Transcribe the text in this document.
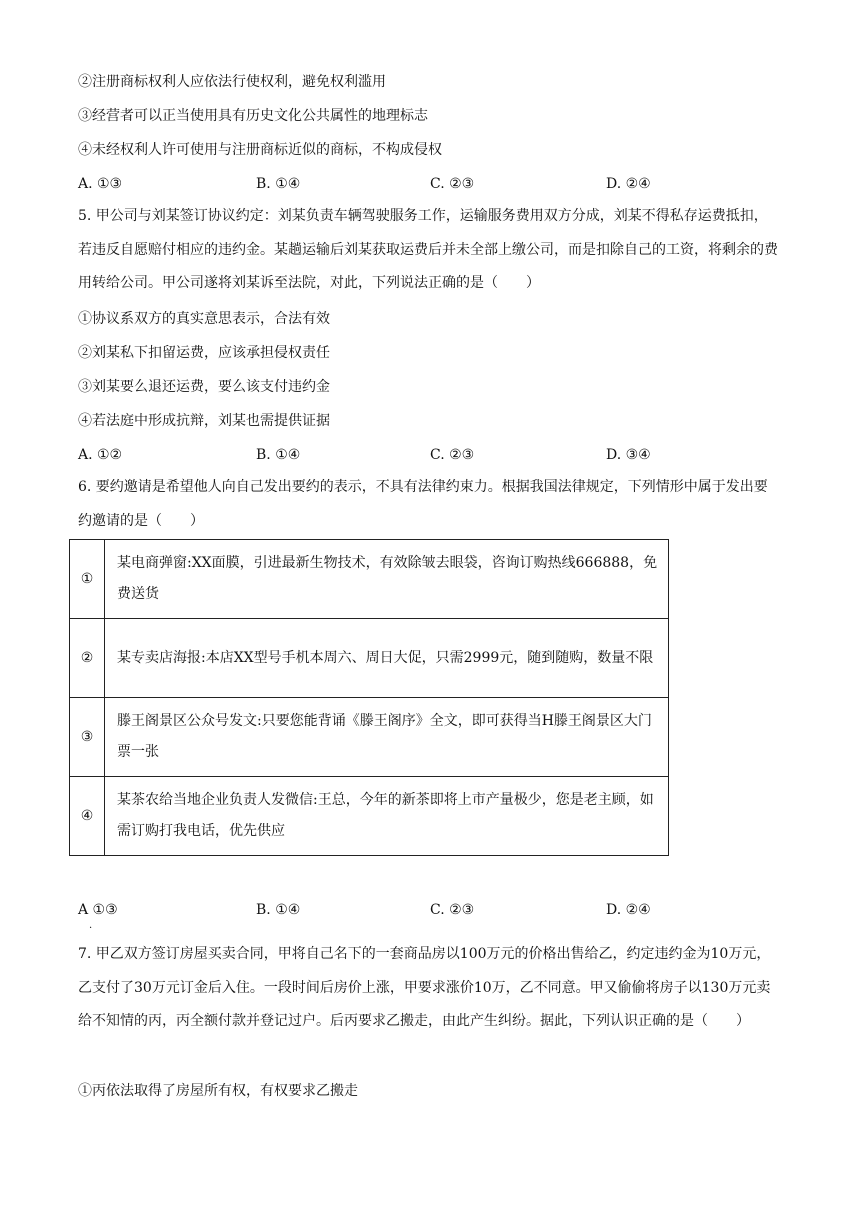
②注册商标权利人应依法行使权利，避免权利滥用
③经营者可以正当使用具有历史文化公共属性的地理标志
④未经权利人许可使用与注册商标近似的商标，不构成侵权
A. ①③	B. ①④	C. ②③	D. ②④
5. 甲公司与刘某签订协议约定：刘某负责车辆驾驶服务工作，运输服务费用双方分成，刘某不得私存运费抵扣，若违反自愿赔付相应的违约金。某趟运输后刘某获取运费后并未全部上缴公司，而是扣除自己的工资，将剩余的费用转给公司。甲公司遂将刘某诉至法院，对此，下列说法正确的是（　　）
①协议系双方的真实意思表示，合法有效
②刘某私下扣留运费，应该承担侵权责任
③刘某要么退还运费，要么该支付违约金
④若法庭中形成抗辩，刘某也需提供证据
A. ①②	B. ①④	C. ②③	D. ③④
6. 要约邀请是希望他人向自己发出要约的表示，不具有法律约束力。根据我国法律规定，下列情形中属于发出要约邀请的是（　　）
①	某电商弹窗:XX面膜，引进最新生物技术，有效除皱去眼袋，咨询订购热线666888，免费送货
②	某专卖店海报:本店XX型号手机本周六、周日大促，只需2999元，随到随购，数量不限
③	滕王阁景区公众号发文:只要您能背诵《滕王阁序》全文，即可获得当H滕王阁景区大门票一张
④	某茶农给当地企业负责人发微信:王总，今年的新茶即将上市产量极少，您是老主顾，如需订购打我电话，优先供应
A ①③	B. ①④	C. ②③	D. ②④
.
7. 甲乙双方签订房屋买卖合同，甲将自己名下的一套商品房以100万元的价格出售给乙，约定违约金为10万元，乙支付了30万元订金后入住。一段时间后房价上涨，甲要求涨价10万，乙不同意。甲又偷偷将房子以130万元卖给不知情的丙，丙全额付款并登记过户。后丙要求乙搬走，由此产生纠纷。据此，下列认识正确的是（　　）
①丙依法取得了房屋所有权，有权要求乙搬走
